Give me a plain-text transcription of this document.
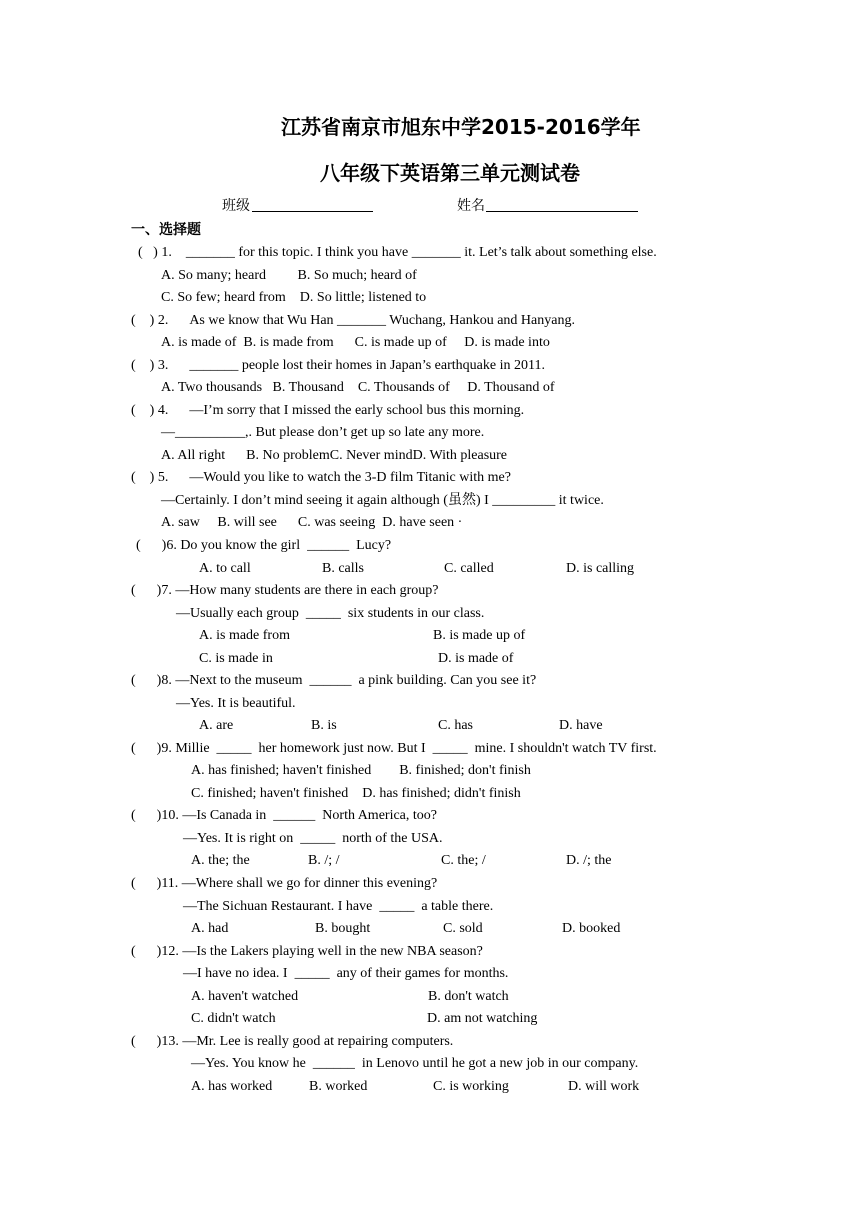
江苏省南京市旭东中学2015-2016学年
八年级下英语第三单元测试卷
班级	姓名
一、选择题
(   ) 1.    _______ for this topic. I think you have _______ it. Let’s talk about something else.
A. So many; heard         B. So much; heard of
C. So few; heard from    D. So little; listened to
(    ) 2.      As we know that Wu Han _______ Wuchang, Hankou and Hanyang.
A. is made of  B. is made from      C. is made up of     D. is made into
(    ) 3.      _______ people lost their homes in Japan’s earthquake in 2011.
A. Two thousands   B. Thousand    C. Thousands of     D. Thousand of
(    ) 4.      —I’m sorry that I missed the early school bus this morning.
—__________,. But please don’t get up so late any more.
A. All right      B. No problemC. Never mindD. With pleasure
(    ) 5.      —Would you like to watch the 3-D film Titanic with me?
—Certainly. I don’t mind seeing it again although (虽然) I _________ it twice.
A. saw     B. will see      C. was seeing  D. have seen ·
(      )6. Do you know the girl  ______  Lucy?
A. to call	B. calls	C. called	D. is calling
(      )7. —How many students are there in each group?
—Usually each group  _____  six students in our class.
A. is made from	B. is made up of
C. is made in	D. is made of
(      )8. —Next to the museum  ______  a pink building. Can you see it?
—Yes. It is beautiful.
A. are	B. is	C. has	D. have
(      )9. Millie  _____  her homework just now. But I  _____  mine. I shouldn't watch TV first.
A. has finished; haven't finished        B. finished; don't finish
C. finished; haven't finished    D. has finished; didn't finish
(      )10. —Is Canada in  ______  North America, too?
—Yes. It is right on  _____  north of the USA.
A. the; the	B. /; /	C. the; /	D. /; the
(      )11. —Where shall we go for dinner this evening?
—The Sichuan Restaurant. I have  _____  a table there.
A. had	B. bought	C. sold	D. booked
(      )12. —Is the Lakers playing well in the new NBA season?
—I have no idea. I  _____  any of their games for months.
A. haven't watched	B. don't watch
C. didn't watch	D. am not watching
(      )13. —Mr. Lee is really good at repairing computers.
—Yes. You know he  ______  in Lenovo until he got a new job in our company.
A. has worked	B. worked	C. is working	D. will work
